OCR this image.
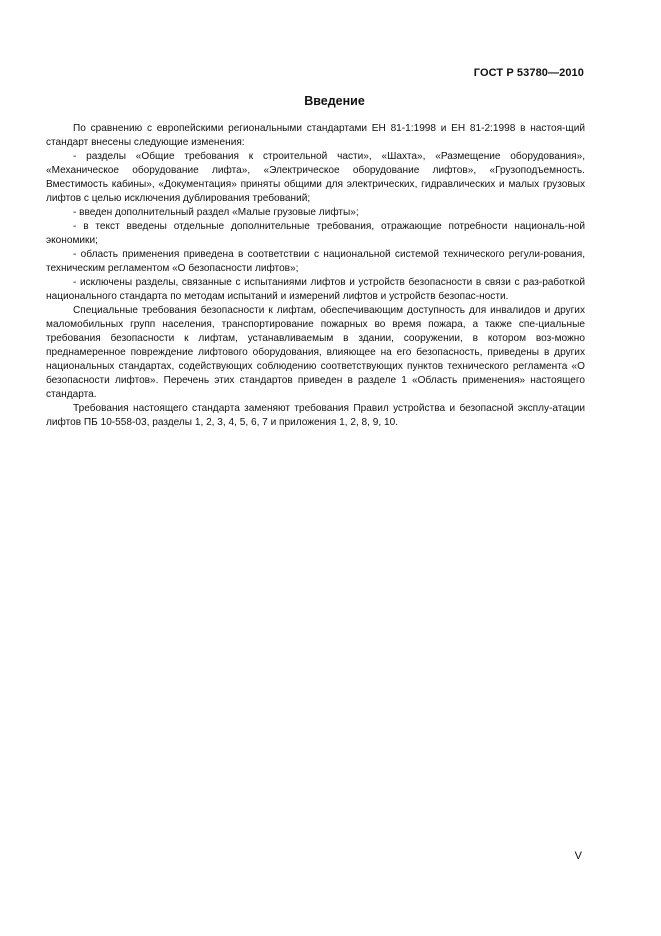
ГОСТ Р 53780—2010
Введение

По сравнению с европейскими региональными стандартами ЕН 81-1:1998 и ЕН 81-2:1998 в настоя-щий стандарт внесены следующие изменения:

- разделы «Общие требования к строительной части», «Шахта», «Размещение оборудования», «Механическое оборудование лифта», «Электрическое оборудование лифтов», «Грузоподъемность. Вместимость кабины», «Документация» приняты общими для электрических, гидравлических и малых грузовых лифтов с целью исключения дублирования требований;

- введен дополнительный раздел «Малые грузовые лифты»;

- в текст введены отдельные дополнительные требования, отражающие потребности националь-ной экономики;

- область применения приведена в соответствии с национальной системой технического регули-рования, техническим регламентом «О безопасности лифтов»;

- исключены разделы, связанные с испытаниями лифтов и устройств безопасности в связи с раз-работкой национального стандарта по методам испытаний и измерений лифтов и устройств безопас-ности.

Специальные требования безопасности к лифтам, обеспечивающим доступность для инвалидов и других маломобильных групп населения, транспортирование пожарных во время пожара, а также спе-циальные требования безопасности к лифтам, устанавливаемым в здании, сооружении, в котором воз-можно преднамеренное повреждение лифтового оборудования, влияющее на его безопасность, приведены в других национальных стандартах, содействующих соблюдению соответствующих пунктов технического регламента «О безопасности лифтов». Перечень этих стандартов приведен в разделе 1 «Область применения» настоящего стандарта.

Требования настоящего стандарта заменяют требования Правил устройства и безопасной эксплу-атации лифтов ПБ 10-558-03, разделы 1, 2, 3, 4, 5, 6, 7 и приложения 1, 2, 8, 9, 10.

V
